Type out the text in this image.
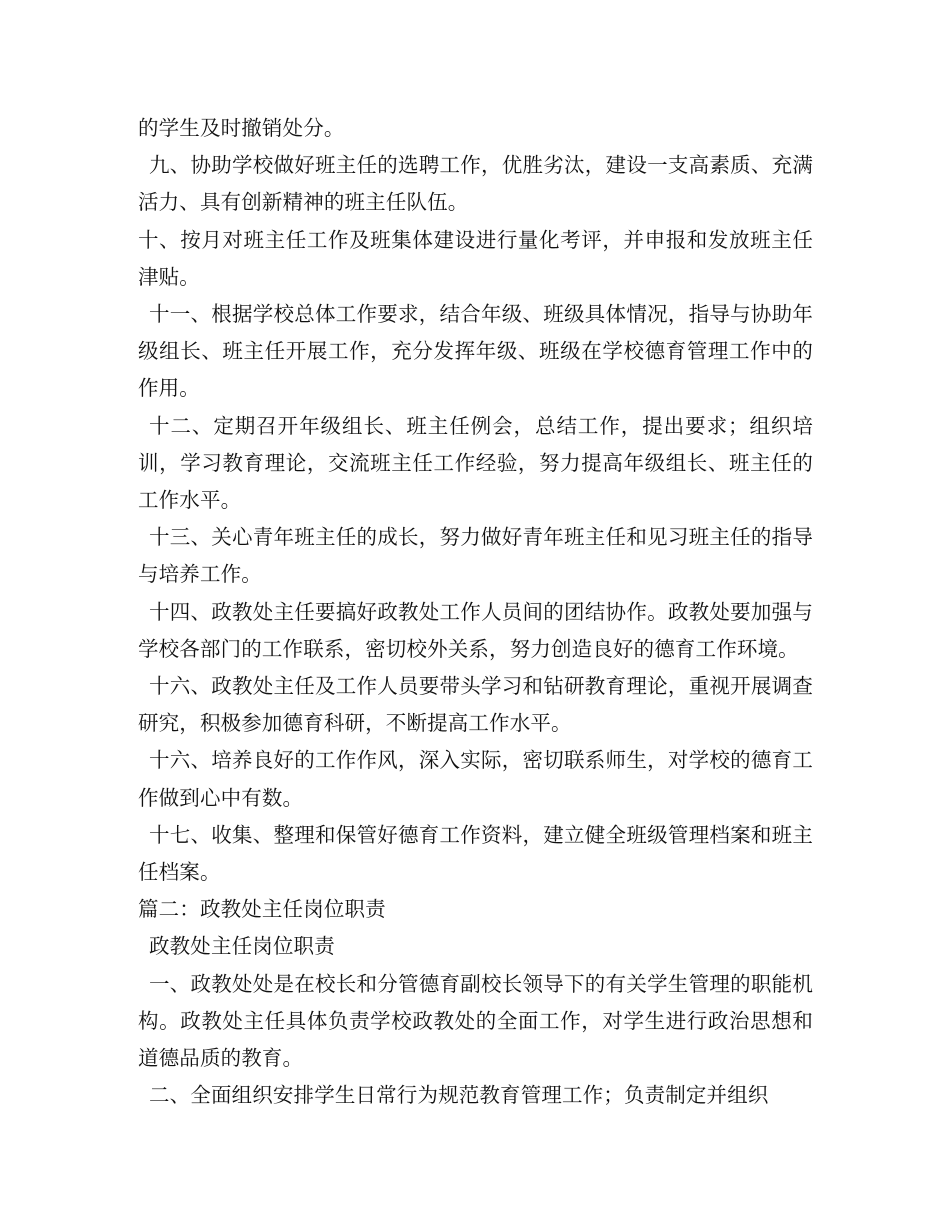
的学生及时撤销处分。

九、协助学校做好班主任的选聘工作，优胜劣汰，建设一支高素质、充满活力、具有创新精神的班主任队伍。

十、按月对班主任工作及班集体建设进行量化考评，并申报和发放班主任津贴。

十一、根据学校总体工作要求，结合年级、班级具体情况，指导与协助年级组长、班主任开展工作，充分发挥年级、班级在学校德育管理工作中的作用。

十二、定期召开年级组长、班主任例会，总结工作，提出要求；组织培训，学习教育理论，交流班主任工作经验，努力提高年级组长、班主任的工作水平。

十三、关心青年班主任的成长，努力做好青年班主任和见习班主任的指导与培养工作。

十四、政教处主任要搞好政教处工作人员间的团结协作。政教处要加强与学校各部门的工作联系，密切校外关系，努力创造良好的德育工作环境。

十六、政教处主任及工作人员要带头学习和钻研教育理论，重视开展调查研究，积极参加德育科研，不断提高工作水平。

十六、培养良好的工作作风，深入实际，密切联系师生，对学校的德育工作做到心中有数。

十七、收集、整理和保管好德育工作资料，建立健全班级管理档案和班主任档案。

篇二：政教处主任岗位职责

政教处主任岗位职责

一、政教处处是在校长和分管德育副校长领导下的有关学生管理的职能机构。政教处主任具体负责学校政教处的全面工作，对学生进行政治思想和道德品质的教育。

二、全面组织安排学生日常行为规范教育管理工作；负责制定并组织
